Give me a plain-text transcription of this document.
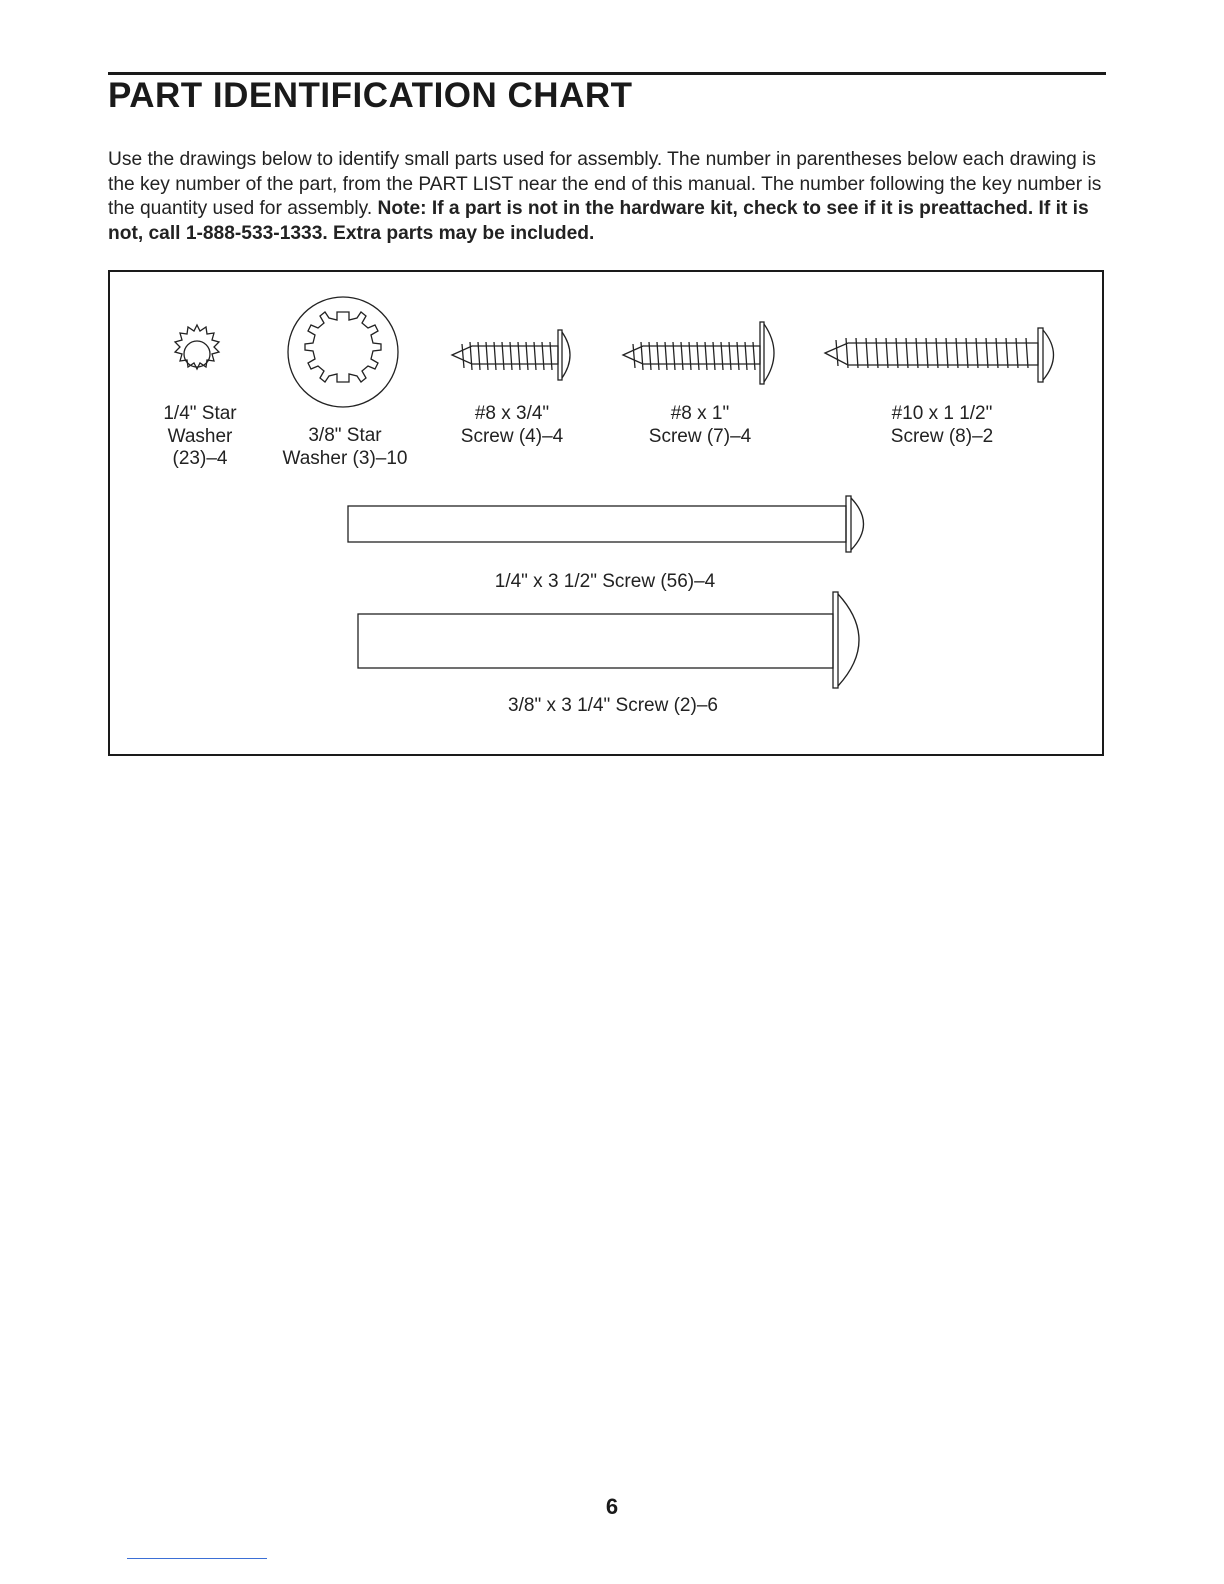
PART IDENTIFICATION CHART

Use the drawings below to identify small parts used for assembly. The number in parentheses below each drawing is the key number of the part, from the PART LIST near the end of this manual. The number following the key number is the quantity used for assembly. Note: If a part is not in the hardware kit, check to see if it is preattached. If it is not, call 1-888-533-1333. Extra parts may be included.

1/4" Star
Washer
(23)–4
3/8" Star
Washer (3)–10
#8 x 3/4"
Screw (4)–4
#8 x 1"
Screw (7)–4
#10 x 1 1/2"
Screw (8)–2
1/4" x 3 1/2" Screw (56)–4
3/8" x 3 1/4" Screw (2)–6
6
